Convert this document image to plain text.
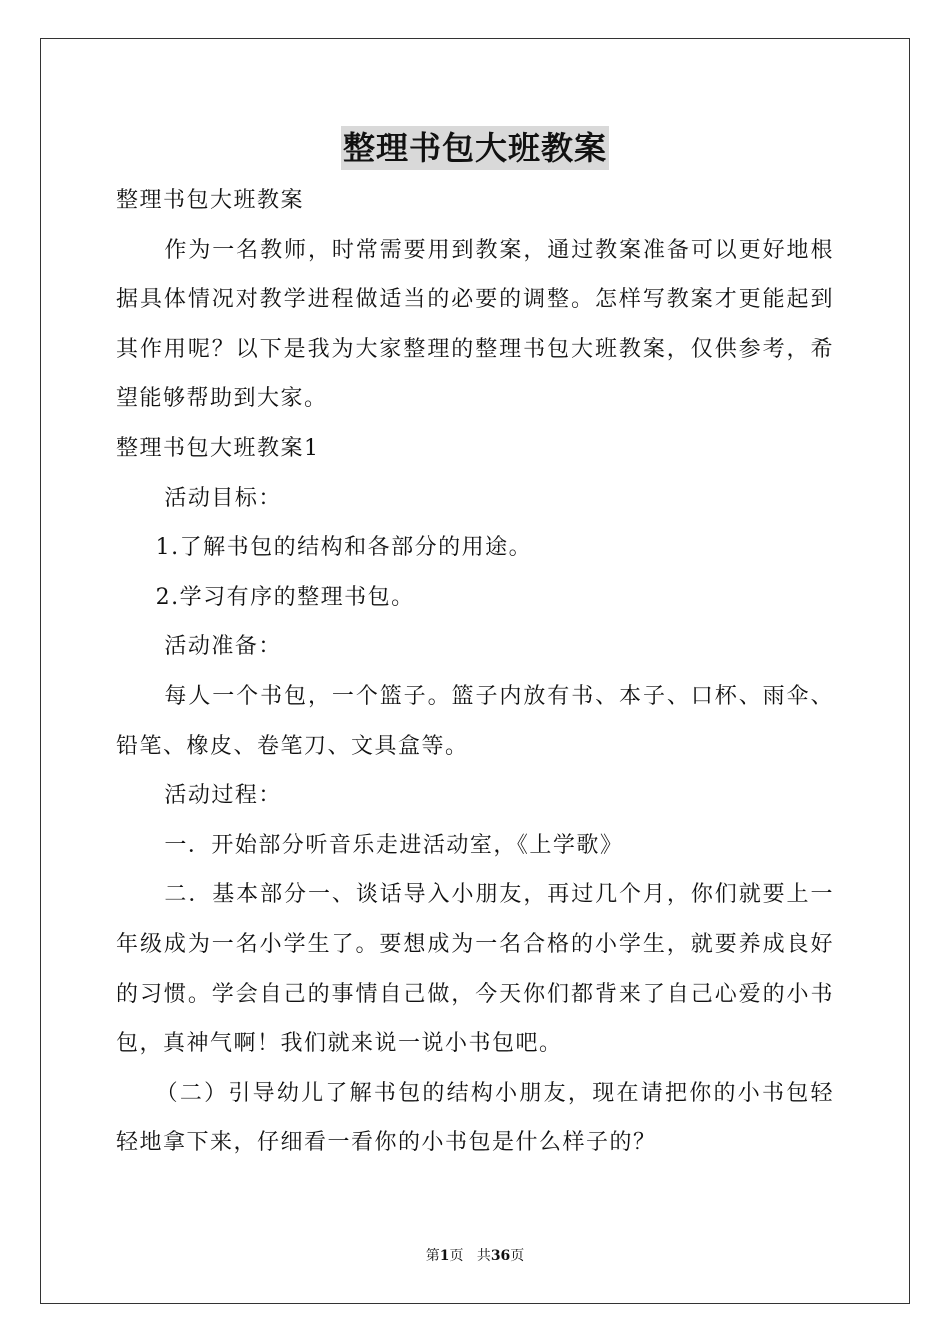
整理书包大班教案

整理书包大班教案

作为一名教师，时常需要用到教案，通过教案准备可以更好地根据具体情况对教学进程做适当的必要的调整。怎样写教案才更能起到其作用呢？以下是我为大家整理的整理书包大班教案，仅供参考，希望能够帮助到大家。

整理书包大班教案1

活动目标：

1.了解书包的结构和各部分的用途。

2.学习有序的整理书包。

活动准备：

每人一个书包，一个篮子。篮子内放有书、本子、口杯、雨伞、铅笔、橡皮、卷笔刀、文具盒等。

活动过程：

一．开始部分听音乐走进活动室，《上学歌》

二．基本部分一、谈话导入小朋友，再过几个月，你们就要上一年级成为一名小学生了。要想成为一名合格的小学生，就要养成良好的习惯。学会自己的事情自己做，今天你们都背来了自己心爱的小书包，真神气啊！我们就来说一说小书包吧。

（二）引导幼儿了解书包的结构小朋友，现在请把你的小书包轻轻地拿下来，仔细看一看你的小书包是什么样子的？

第1页 共36页
